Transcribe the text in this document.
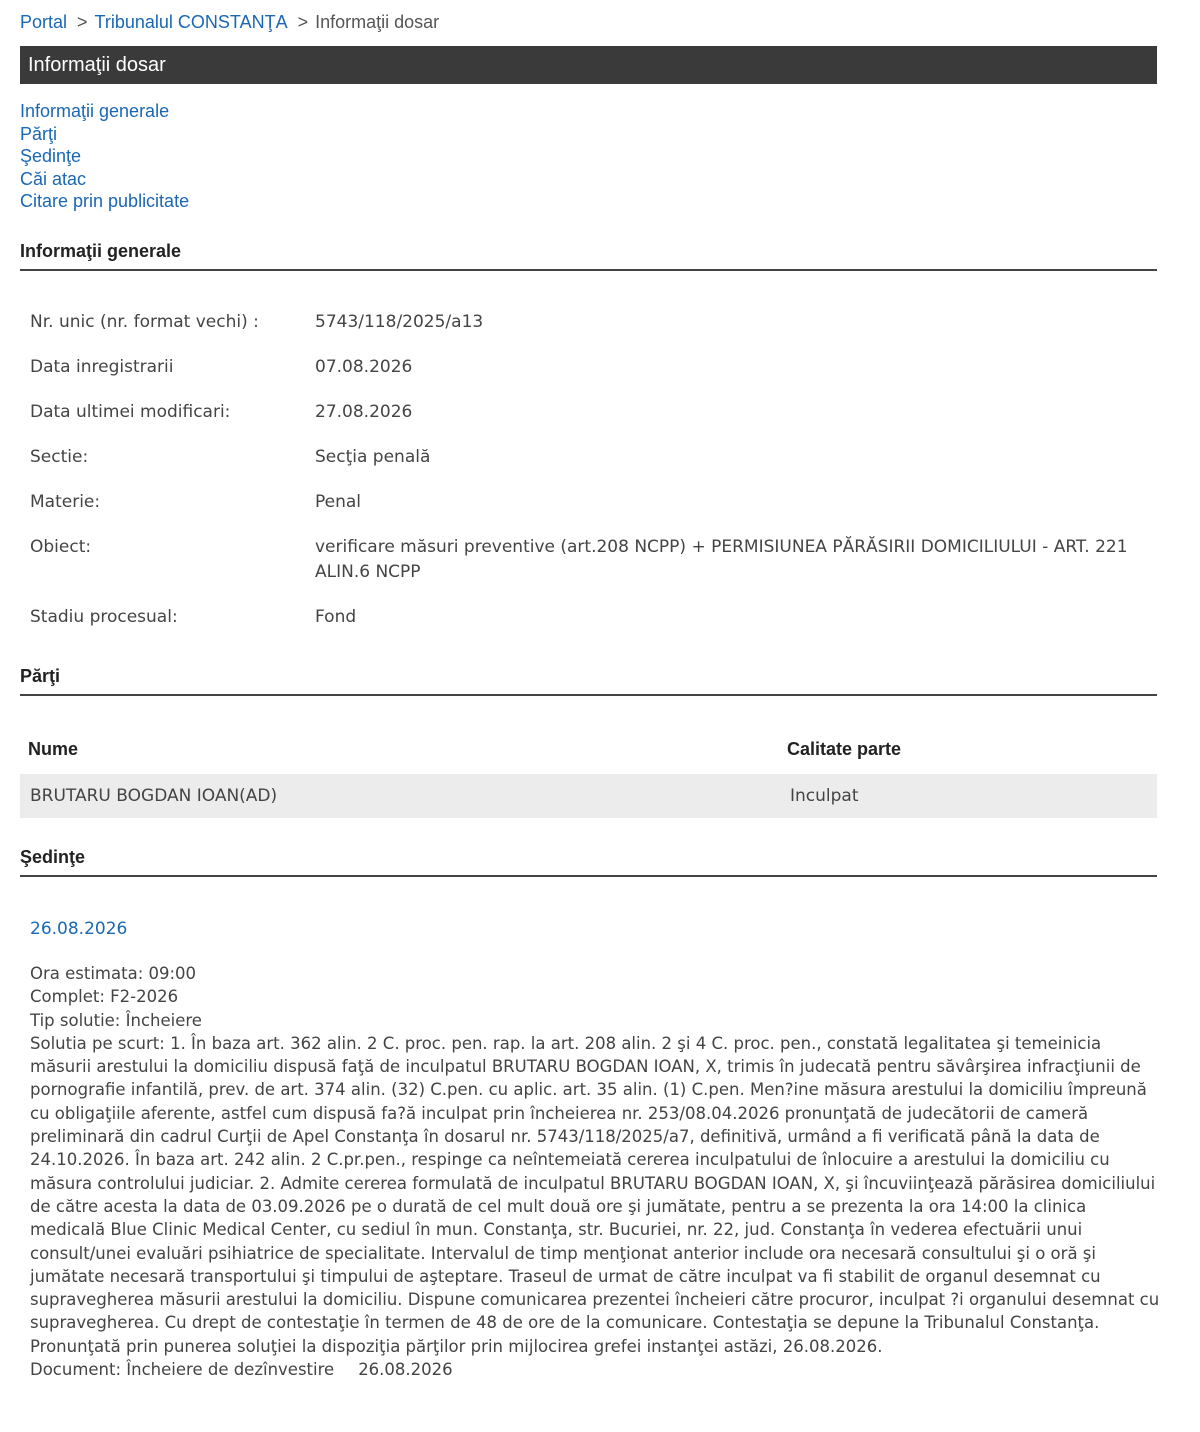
Portal > Tribunalul CONSTANŢA > Informaţii dosar
Informaţii dosar
Informaţii generale
Părţi
Şedinţe
Căi atac
Citare prin publicitate
Informaţii generale
Nr. unic (nr. format vechi) :	5743/118/2025/a13
Data inregistrarii	07.08.2026
Data ultimei modificari:	27.08.2026
Sectie:	Secţia penală
Materie:	Penal
Obiect:	verificare măsuri preventive (art.208 NCPP) + PERMISIUNEA PĂRĂSIRII DOMICILIULUI - ART. 221 ALIN.6 NCPP
Stadiu procesual:	Fond
Părţi
Nume	Calitate parte
BRUTARU BOGDAN IOAN(AD)	Inculpat
Şedinţe
26.08.2026
Ora estimata: 09:00
Complet: F2-2026
Tip solutie: Încheiere
Solutia pe scurt: 1. În baza art. 362 alin. 2 C. proc. pen. rap. la art. 208 alin. 2 şi 4 C. proc. pen., constată legalitatea şi temeinicia măsurii arestului la domiciliu dispusă faţă de inculpatul BRUTARU BOGDAN IOAN, X, trimis în judecată pentru săvârşirea infracţiunii de pornografie infantilă, prev. de art. 374 alin. (32) C.pen. cu aplic. art. 35 alin. (1) C.pen. Men?ine măsura arestului la domiciliu împreună cu obligaţiile aferente, astfel cum dispusă fa?ă inculpat prin încheierea nr. 253/08.04.2026 pronunţată de judecătorii de cameră preliminară din cadrul Curţii de Apel Constanţa în dosarul nr. 5743/118/2025/a7, definitivă, urmând a fi verificată până la data de 24.10.2026. În baza art. 242 alin. 2 C.pr.pen., respinge ca neîntemeiată cererea inculpatului de înlocuire a arestului la domiciliu cu măsura controlului judiciar. 2. Admite cererea formulată de inculpatul BRUTARU BOGDAN IOAN, X, şi încuviinţează părăsirea domiciliului de către acesta la data de 03.09.2026 pe o durată de cel mult două ore şi jumătate, pentru a se prezenta la ora 14:00 la clinica medicală Blue Clinic Medical Center, cu sediul în mun. Constanţa, str. Bucuriei, nr. 22, jud. Constanţa în vederea efectuării unui consult/unei evaluări psihiatrice de specialitate. Intervalul de timp menţionat anterior include ora necesară consultului şi o oră şi jumătate necesară transportului şi timpului de aşteptare. Traseul de urmat de către inculpat va fi stabilit de organul desemnat cu supravegherea măsurii arestului la domiciliu. Dispune comunicarea prezentei încheieri către procuror, inculpat ?i organului desemnat cu supravegherea. Cu drept de contestaţie în termen de 48 de ore de la comunicare. Contestaţia se depune la Tribunalul Constanţa. Pronunţată prin punerea soluţiei la dispoziţia părţilor prin mijlocirea grefei instanţei astăzi, 26.08.2026.
Document: Încheiere de dezînvestire 26.08.2026
